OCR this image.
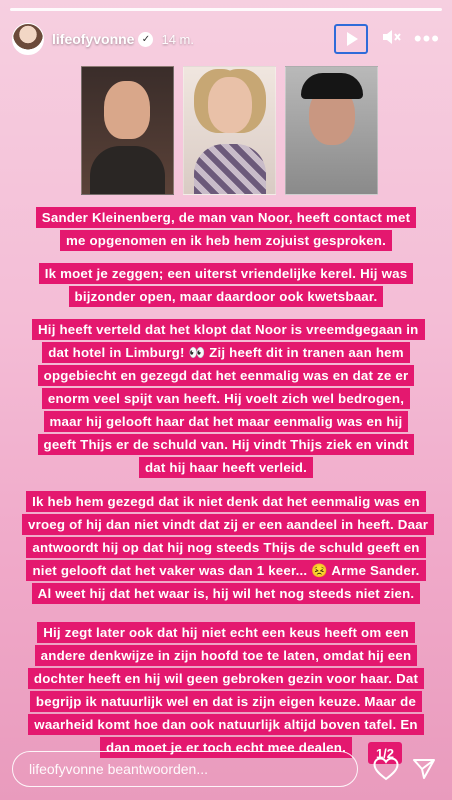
lifeofyvonne ✓ 14 m.	•••
Sander Kleinenberg, de man van Noor, heeft contact met me opgenomen en ik heb hem zojuist gesproken.
Ik moet je zeggen; een uiterst vriendelijke kerel. Hij was bijzonder open, maar daardoor ook kwetsbaar.
Hij heeft verteld dat het klopt dat Noor is vreemdgegaan in dat hotel in Limburg! 👀 Zij heeft dit in tranen aan hem opgebiecht en gezegd dat het eenmalig was en dat ze er enorm veel spijt van heeft. Hij voelt zich wel bedrogen, maar hij gelooft haar dat het maar eenmalig was en hij geeft Thijs er de schuld van. Hij vindt Thijs ziek en vindt dat hij haar heeft verleid.
Ik heb hem gezegd dat ik niet denk dat het eenmalig was en vroeg of hij dan niet vindt dat zij er een aandeel in heeft. Daar antwoordt hij op dat hij nog steeds Thijs de schuld geeft en niet gelooft dat het vaker was dan 1 keer... 😣 Arme Sander. Al weet hij dat het waar is, hij wil het nog steeds niet zien.
Hij zegt later ook dat hij niet echt een keus heeft om een andere denkwijze in zijn hoofd toe te laten, omdat hij een dochter heeft en hij wil geen gebroken gezin voor haar. Dat begrijp ik natuurlijk wel en dat is zijn eigen keuze. Maar de waarheid komt hoe dan ook natuurlijk altijd boven tafel. En dan moet je er toch echt mee dealen.	1/2
lifeofyvonne beantwoorden...
